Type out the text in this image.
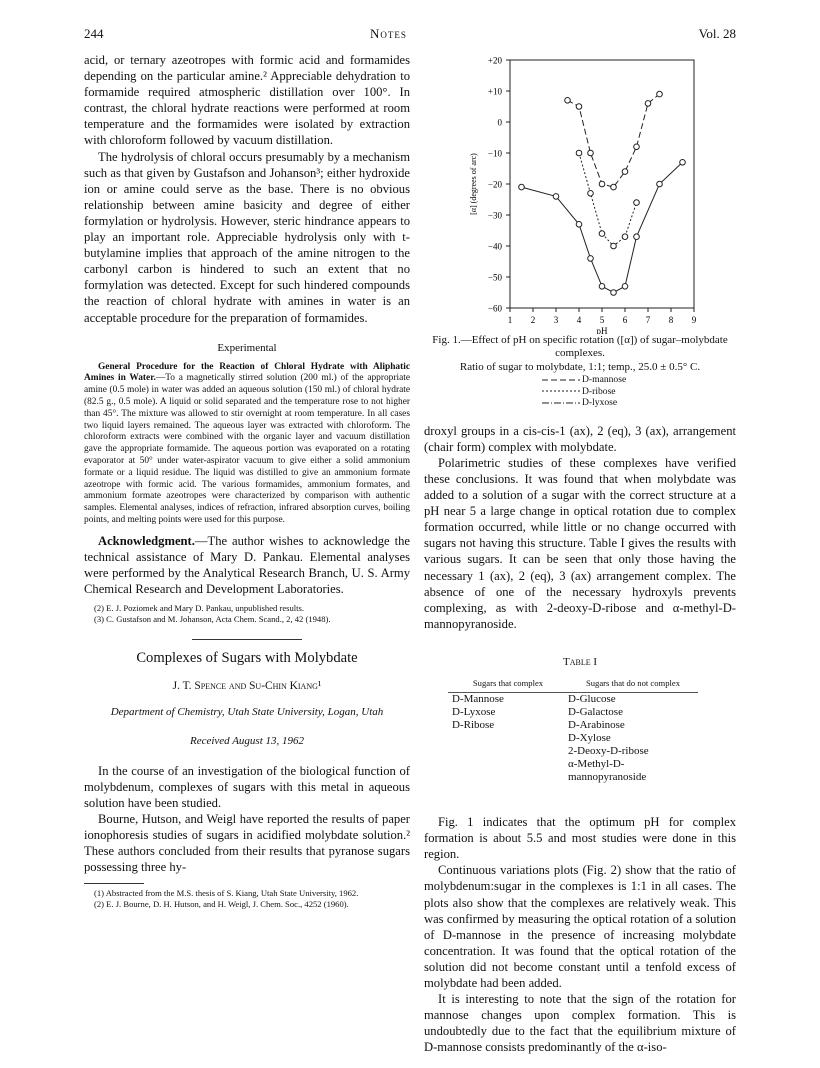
244	Notes	Vol. 28

acid, or ternary azeotropes with formic acid and formamides depending on the particular amine.² Appreciable dehydration to formamide required atmospheric distillation over 100°. In contrast, the chloral hydrate reactions were performed at room temperature and the formamides were isolated by extraction with chloroform followed by vacuum distillation.

The hydrolysis of chloral occurs presumably by a mechanism such as that given by Gustafson and Johanson³; either hydroxide ion or amine could serve as the base. There is no obvious relationship between amine basicity and degree of either formylation or hydrolysis. However, steric hindrance appears to play an important role. Appreciable hydrolysis only with t-butylamine implies that approach of the amine nitrogen to the carbonyl carbon is hindered to such an extent that no formylation was detected. Except for such hindered compounds the reaction of chloral hydrate with amines in water is an acceptable procedure for the preparation of formamides.

Experimental

General Procedure for the Reaction of Chloral Hydrate with Aliphatic Amines in Water.—To a magnetically stirred solution (200 ml.) of the appropriate amine (0.5 mole) in water was added an aqueous solution (150 ml.) of chloral hydrate (82.5 g., 0.5 mole). A liquid or solid separated and the temperature rose to not higher than 45°. The mixture was allowed to stir overnight at room temperature. In all cases two liquid layers remained. The aqueous layer was extracted with chloroform. The chloroform extracts were combined with the organic layer and vacuum distillation gave the appropriate formamide. The aqueous portion was evaporated on a rotating evaporator at 50° under water-aspirator vacuum to give either a solid ammonium formate or a liquid residue. The liquid was distilled to give an ammonium formate azeotrope with formic acid. The various formamides, ammonium formates, and ammonium formate azeotropes were characterized by comparison with authentic samples. Elemental analyses, indices of refraction, infrared absorption curves, boiling points, and melting points were used for this purpose.

Acknowledgment.—The author wishes to acknowledge the technical assistance of Mary D. Pankau. Elemental analyses were performed by the Analytical Research Branch, U. S. Army Chemical Research and Development Laboratories.

(2) E. J. Poziomek and Mary D. Pankau, unpublished results.

(3) C. Gustafson and M. Johanson, Acta Chem. Scand., 2, 42 (1948).

Complexes of Sugars with Molybdate
J. T. Spence and Su-Chin Kiang¹
Department of Chemistry, Utah State University, Logan, Utah
Received August 13, 1962

In the course of an investigation of the biological function of molybdenum, complexes of sugars with this metal in aqueous solution have been studied.

Bourne, Hutson, and Weigl have reported the results of paper ionophoresis studies of sugars in acidified molybdate solution.² These authors concluded from their results that pyranose sugars possessing three hy-

(1) Abstracted from the M.S. thesis of S. Kiang, Utah State University, 1962.

(2) E. J. Bourne, D. H. Hutson, and H. Weigl, J. Chem. Soc., 4252 (1960).

+20
+10
0
−10
−20
−30
−40
−50
−60
1 2 3 4 5 6 7 8 9
pH
[α] (degrees of arc)
Fig. 1.—Effect of pH on specific rotation ([α]) of sugar–molybdate complexes.
Ratio of sugar to molybdate, 1:1; temp., 25.0 ± 0.5° C.
D-mannose
D-ribose
D-lyxose

droxyl groups in a cis-cis-1 (ax), 2 (eq), 3 (ax), arrangement (chair form) complex with molybdate.

Polarimetric studies of these complexes have verified these conclusions. It was found that when molybdate was added to a solution of a sugar with the correct structure at a pH near 5 a large change in optical rotation due to complex formation occurred, while little or no change occurred with sugars not having this structure. Table I gives the results with various sugars. It can be seen that only those having the necessary 1 (ax), 2 (eq), 3 (ax) arrangement complex. The absence of one of the necessary hydroxyls prevents complexing, as with 2-deoxy-D-ribose and α-methyl-D-mannopyranoside.

Table I
Sugars that complex	Sugars that do not complex

D-Mannose	D-Glucose
D-Lyxose	D-Galactose
D-Ribose	D-Arabinose
	D-Xylose
	2-Deoxy-D-ribose
	α-Methyl-D-mannopyranoside

Fig. 1 indicates that the optimum pH for complex formation is about 5.5 and most studies were done in this region.

Continuous variations plots (Fig. 2) show that the ratio of molybdenum:sugar in the complexes is 1:1 in all cases. The plots also show that the complexes are relatively weak. This was confirmed by measuring the optical rotation of a solution of D-mannose in the presence of increasing molybdate concentration. It was found that the optical rotation of the solution did not become constant until a tenfold excess of molybdate had been added.

It is interesting to note that the sign of the rotation for mannose changes upon complex formation. This is undoubtedly due to the fact that the equilibrium mixture of D-mannose consists predominantly of the α-iso-
